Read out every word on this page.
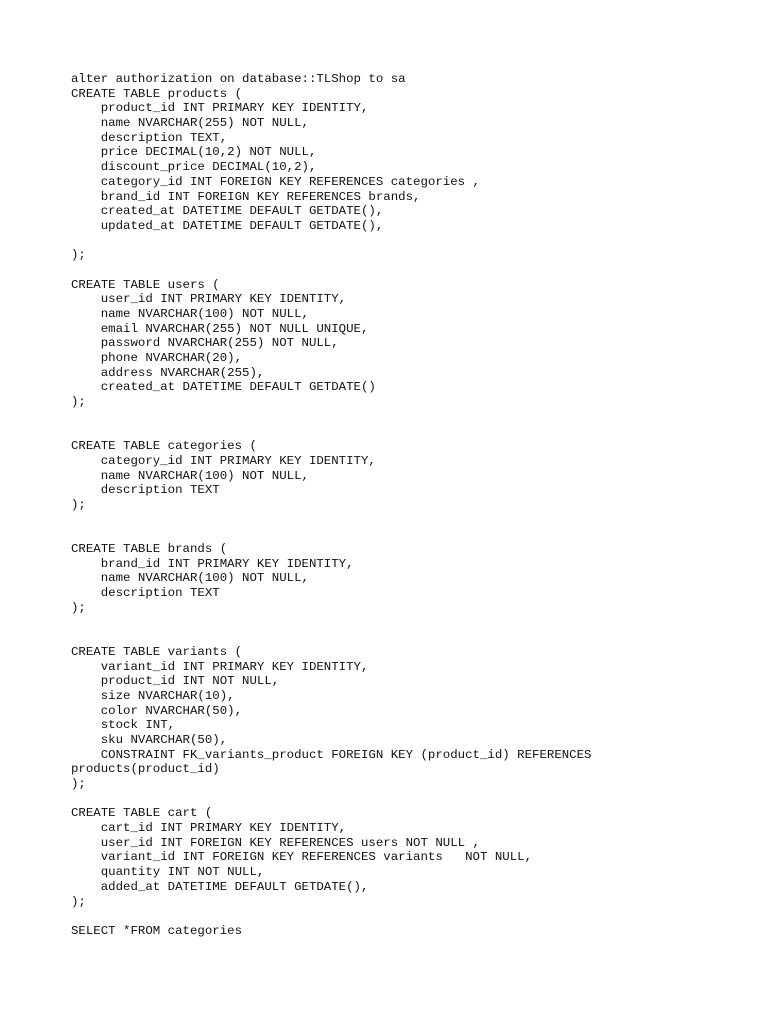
alter authorization on database::TLShop to sa
CREATE TABLE products (
product_id INT PRIMARY KEY IDENTITY,
name NVARCHAR(255) NOT NULL,
description TEXT,
price DECIMAL(10,2) NOT NULL,
discount_price DECIMAL(10,2),
category_id INT FOREIGN KEY REFERENCES categories ,
brand_id INT FOREIGN KEY REFERENCES brands,
created_at DATETIME DEFAULT GETDATE(),
updated_at DATETIME DEFAULT GETDATE(),
);
CREATE TABLE users (
user_id INT PRIMARY KEY IDENTITY,
name NVARCHAR(100) NOT NULL,
email NVARCHAR(255) NOT NULL UNIQUE,
password NVARCHAR(255) NOT NULL,
phone NVARCHAR(20),
address NVARCHAR(255),
created_at DATETIME DEFAULT GETDATE()
);
CREATE TABLE categories (
category_id INT PRIMARY KEY IDENTITY,
name NVARCHAR(100) NOT NULL,
description TEXT
);
CREATE TABLE brands (
brand_id INT PRIMARY KEY IDENTITY,
name NVARCHAR(100) NOT NULL,
description TEXT
);
CREATE TABLE variants (
variant_id INT PRIMARY KEY IDENTITY,
product_id INT NOT NULL,
size NVARCHAR(10),
color NVARCHAR(50),
stock INT,
sku NVARCHAR(50),
CONSTRAINT FK_variants_product FOREIGN KEY (product_id) REFERENCES
products(product_id)
);
CREATE TABLE cart (
cart_id INT PRIMARY KEY IDENTITY,
user_id INT FOREIGN KEY REFERENCES users NOT NULL ,
variant_id INT FOREIGN KEY REFERENCES variants   NOT NULL,
quantity INT NOT NULL,
added_at DATETIME DEFAULT GETDATE(),
);
SELECT *FROM categories
